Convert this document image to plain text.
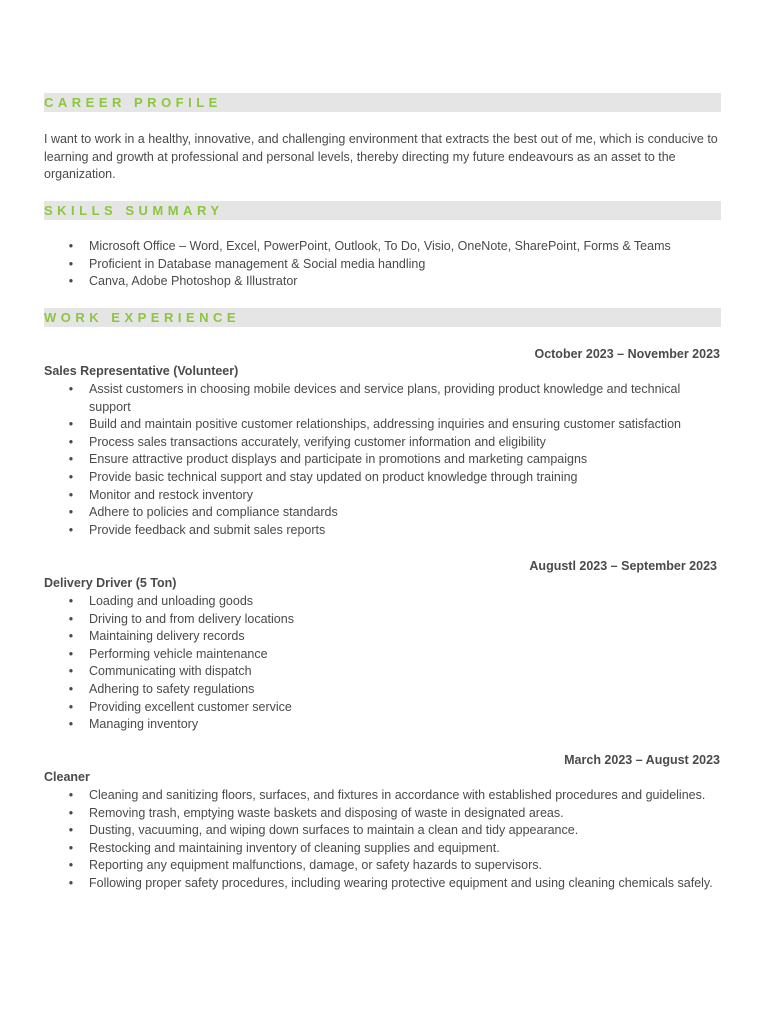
CAREER PROFILE

I want to work in a healthy, innovative, and challenging environment that extracts the best out of me, which is conducive to learning and growth at professional and personal levels, thereby directing my future endeavours as an asset to the organization.

SKILLS SUMMARY
• Microsoft Office – Word, Excel, PowerPoint, Outlook, To Do, Visio, OneNote, SharePoint, Forms & Teams
• Proficient in Database management & Social media handling
• Canva, Adobe Photoshop & Illustrator
WORK EXPERIENCE
October 2023 – November 2023
Sales Representative (Volunteer)
• Assist customers in choosing mobile devices and service plans, providing product knowledge and technical support
• Build and maintain positive customer relationships, addressing inquiries and ensuring customer satisfaction
• Process sales transactions accurately, verifying customer information and eligibility
• Ensure attractive product displays and participate in promotions and marketing campaigns
• Provide basic technical support and stay updated on product knowledge through training
• Monitor and restock inventory
• Adhere to policies and compliance standards
• Provide feedback and submit sales reports
Augustl 2023 – September 2023
Delivery Driver (5 Ton)
• Loading and unloading goods
• Driving to and from delivery locations
• Maintaining delivery records
• Performing vehicle maintenance
• Communicating with dispatch
• Adhering to safety regulations
• Providing excellent customer service
• Managing inventory
March 2023 – August 2023
Cleaner
• Cleaning and sanitizing floors, surfaces, and fixtures in accordance with established procedures and guidelines.
• Removing trash, emptying waste baskets and disposing of waste in designated areas.
• Dusting, vacuuming, and wiping down surfaces to maintain a clean and tidy appearance.
• Restocking and maintaining inventory of cleaning supplies and equipment.
• Reporting any equipment malfunctions, damage, or safety hazards to supervisors.
• Following proper safety procedures, including wearing protective equipment and using cleaning chemicals safely.
